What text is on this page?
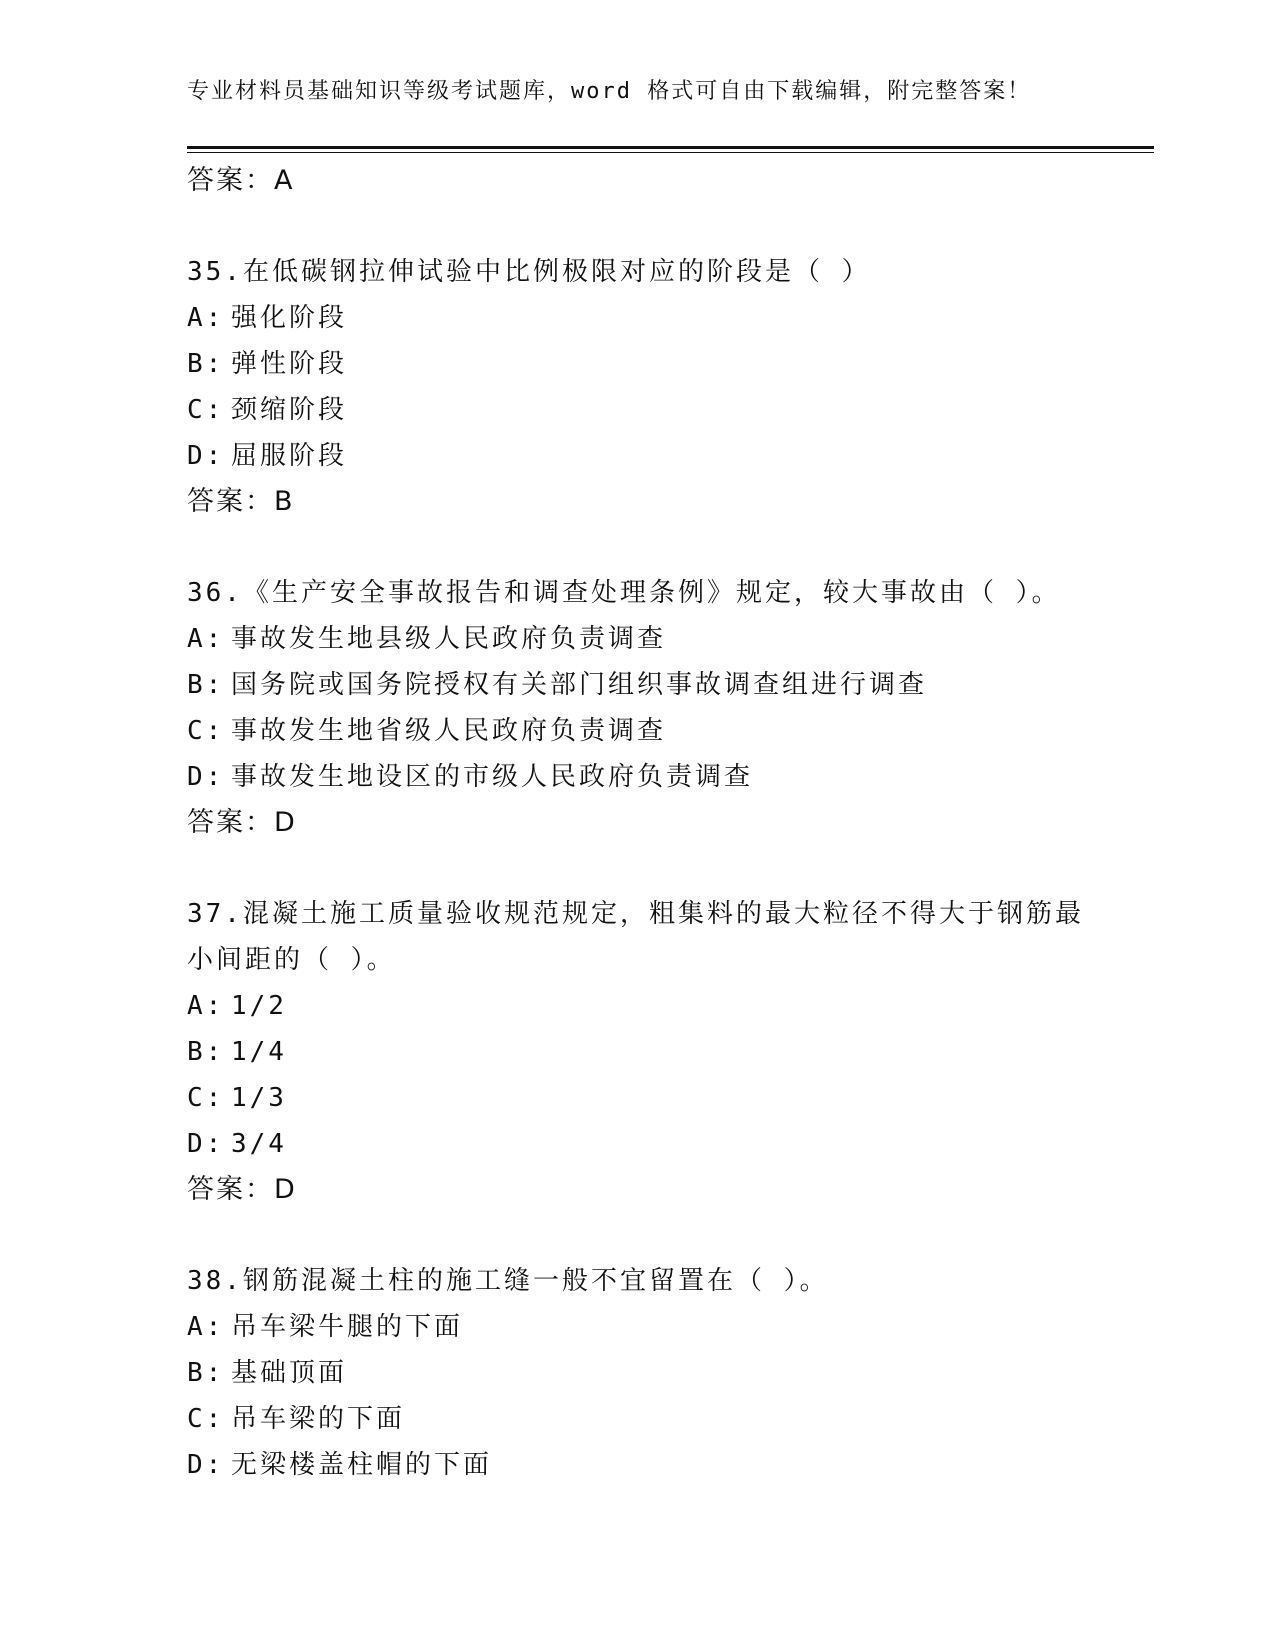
专业材料员基础知识等级考试题库，word 格式可自由下载编辑，附完整答案！
答案：A
35.在低碳钢拉伸试验中比例极限对应的阶段是（ ）
A: 强化阶段
B: 弹性阶段
C: 颈缩阶段
D: 屈服阶段
答案：B
36.《生产安全事故报告和调查处理条例》规定，较大事故由（ ）。
A: 事故发生地县级人民政府负责调查
B: 国务院或国务院授权有关部门组织事故调查组进行调查
C: 事故发生地省级人民政府负责调查
D: 事故发生地设区的市级人民政府负责调查
答案：D
37.混凝土施工质量验收规范规定，粗集料的最大粒径不得大于钢筋最
小间距的（ ）。
A: 1/2
B: 1/4
C: 1/3
D: 3/4
答案：D
38.钢筋混凝土柱的施工缝一般不宜留置在（ ）。
A: 吊车梁牛腿的下面
B: 基础顶面
C: 吊车梁的下面
D: 无梁楼盖柱帽的下面
